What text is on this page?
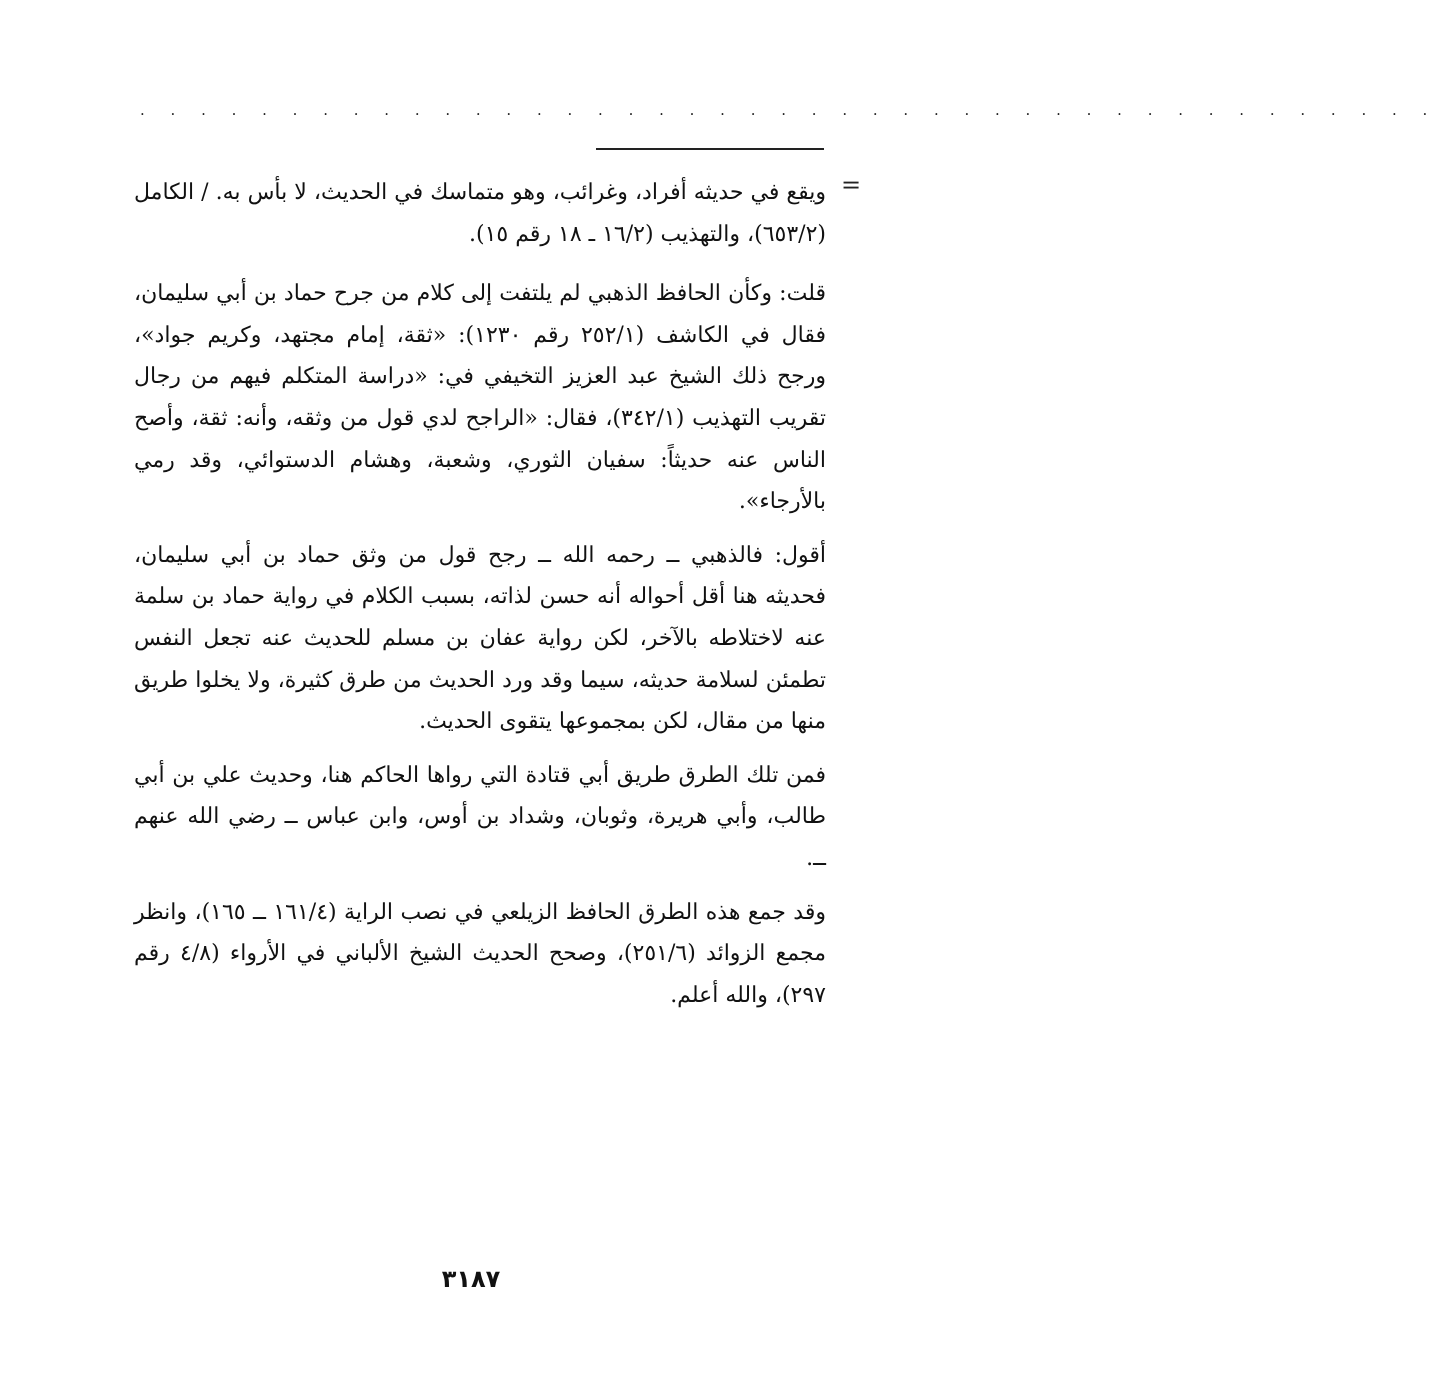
· · · · · · · · · · · · · · · · · · · · · · · · · · · · · · · · · · · · · · · · · · ·
=

ويقع في حديثه أفراد، وغرائب، وهو متماسك في الحديث، لا بأس به. / الكامل (٦٥٣/٢)، والتهذيب (١٦/٢ ـ ١٨ رقم ١٥).

قلت: وكأن الحافظ الذهبي لم يلتفت إلى كلام من جرح حماد بن أبي سليمان، فقال في الكاشف (٢٥٢/١ رقم ١٢٣٠): «ثقة، إمام مجتهد، وكريم جواد»، ورجح ذلك الشيخ عبد العزيز التخيفي في: «دراسة المتكلم فيهم من رجال تقريب التهذيب (٣٤٢/١)، فقال: «الراجح لدي قول من وثقه، وأنه: ثقة، وأصح الناس عنه حديثاً: سفيان الثوري، وشعبة، وهشام الدستوائي، وقد رمي بالأرجاء».

أقول: فالذهبي ــ رحمه الله ــ رجح قول من وثق حماد بن أبي سليمان، فحديثه هنا أقل أحواله أنه حسن لذاته، بسبب الكلام في رواية حماد بن سلمة عنه لاختلاطه بالآخر، لكن رواية عفان بن مسلم للحديث عنه تجعل النفس تطمئن لسلامة حديثه، سيما وقد ورد الحديث من طرق كثيرة، ولا يخلوا طريق منها من مقال، لكن بمجموعها يتقوى الحديث.

فمن تلك الطرق طريق أبي قتادة التي رواها الحاكم هنا، وحديث علي بن أبي طالب، وأبي هريرة، وثوبان، وشداد بن أوس، وابن عباس ــ رضي الله عنهم ــ.

وقد جمع هذه الطرق الحافظ الزيلعي في نصب الراية (١٦١/٤ ــ ١٦٥)، وانظر مجمع الزوائد (٢٥١/٦)، وصحح الحديث الشيخ الألباني في الأرواء (٤/٨ رقم ٢٩٧)، والله أعلم.

٣١٨٧
